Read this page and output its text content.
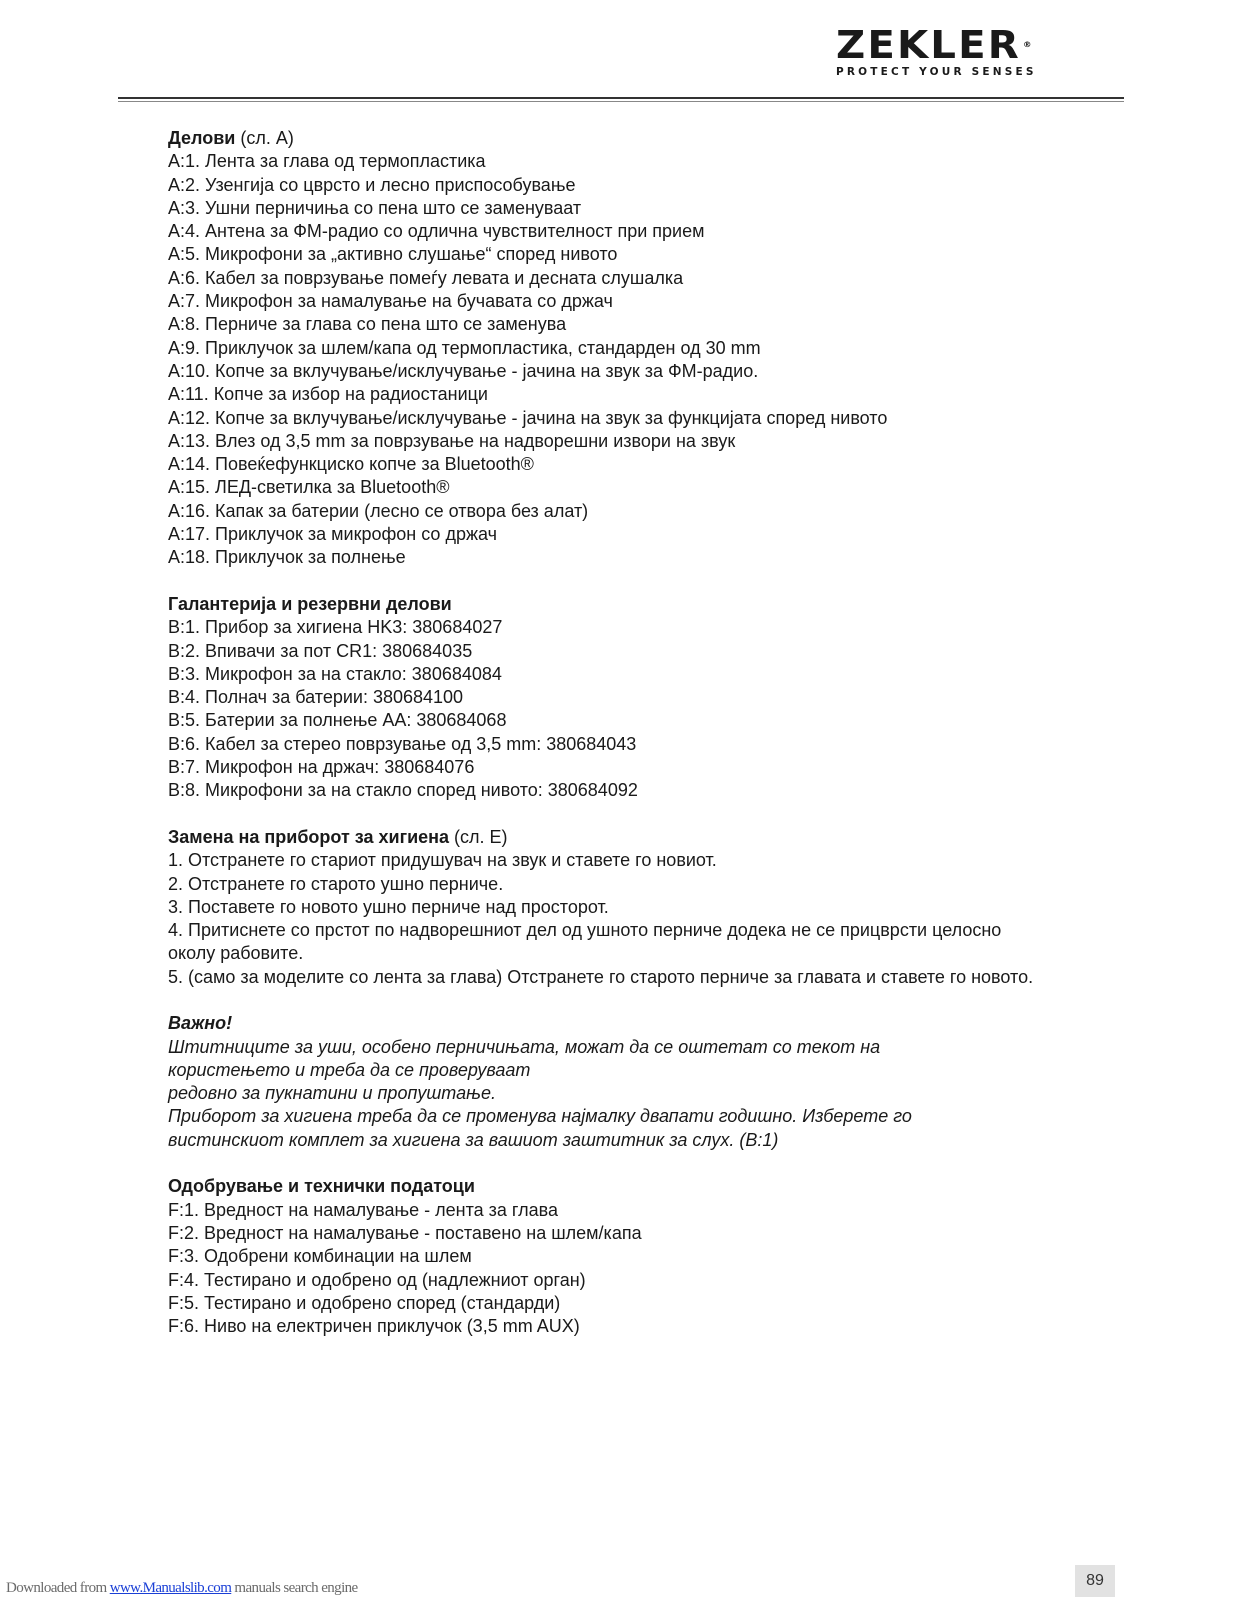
ZEKLER ®
PROTECT YOUR SENSES

Делови (сл. А)

А:1. Лента за глава од термопластика

А:2. Узенгија со цврсто и лесно приспособување

А:3. Ушни перничиња со пена што се заменуваат

А:4. Антена за ФМ-радио со одлична чувствителност при прием

А:5. Микрофони за „активно слушање“ според нивото

А:6. Кабел за поврзување помеѓу левата и десната слушалка

А:7. Микрофон за намалување на бучавата со држач

А:8. Перниче за глава со пена што се заменува

А:9. Приклучок за шлем/капа од термопластика, стандарден од 30 mm

А:10. Копче за вклучување/исклучување - јачина на звук за ФМ-радио.

А:11. Копче за избор на радиостаници

А:12. Копче за вклучување/исклучување - јачина на звук за функцијата според нивото

А:13. Влез од 3,5 mm за поврзување на надворешни извори на звук

А:14. Повеќефункциско копче за Bluetooth®

А:15. ЛЕД-светилка за Bluetooth®

А:16. Капак за батерии (лесно се отвора без алат)

А:17. Приклучок за микрофон со држач

А:18. Приклучок за полнење

Галантерија и резервни делови

B:1. Прибор за хигиена HK3: 380684027

B:2. Впивачи за пот CR1: 380684035

B:3. Микрофон за на стакло: 380684084

B:4. Полнач за батерии: 380684100

B:5. Батерии за полнење АА: 380684068

B:6. Кабел за стерео поврзување од 3,5 mm: 380684043

B:7. Микрофон на држач: 380684076

B:8. Микрофони за на стакло според нивото: 380684092

Замена на приборот за хигиена (сл. Е)

1. Отстранете го стариот придушувач на звук и ставете го новиот.

2. Отстранете го старото ушно перниче.

3. Поставете го новото ушно перниче над просторот.

4. Притиснете со прстот по надворешниот дел од ушното перниче додека не се прицврсти целосно

околу рабовите.

5. (само за моделите со лента за глава) Отстранете го старото перниче за главата и ставете го новото.

Важно!

Штитниците за уши, особено перничињата, можат да се оштетат со текот на

користењето и треба да се проверуваат

редовно за пукнатини и пропуштање.

Приборот за хигиена треба да се променува најмалку двапати годишно. Изберете го

вистинскиот комплет за хигиена за вашиот заштитник за слух. (B:1)

Одобрување и технички податоци

F:1. Вредност на намалување - лента за глава

F:2. Вредност на намалување - поставено на шлем/капа

F:3. Одобрени комбинации на шлем

F:4. Тестирано и одобрено од (надлежниот орган)

F:5. Тестирано и одобрено според (стандарди)

F:6. Ниво на електричен приклучок (3,5 mm AUX)

Downloaded from www.Manualslib.com manuals search engine	89
